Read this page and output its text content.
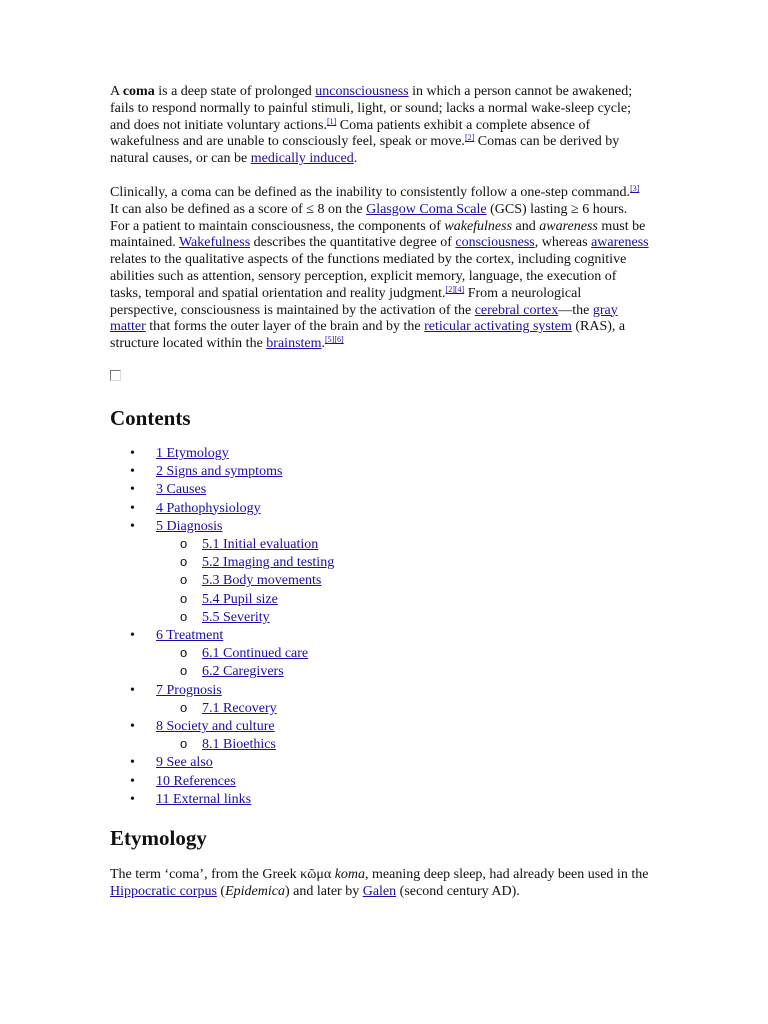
A coma is a deep state of prolonged unconsciousness in which a person cannot be awakened; fails to respond normally to painful stimuli, light, or sound; lacks a normal wake-sleep cycle; and does not initiate voluntary actions.[1] Coma patients exhibit a complete absence of wakefulness and are unable to consciously feel, speak or move.[2] Comas can be derived by natural causes, or can be medically induced.

Clinically, a coma can be defined as the inability to consistently follow a one-step command.[3] It can also be defined as a score of ≤ 8 on the Glasgow Coma Scale (GCS) lasting ≥ 6 hours. For a patient to maintain consciousness, the components of wakefulness and awareness must be maintained. Wakefulness describes the quantitative degree of consciousness, whereas awareness relates to the qualitative aspects of the functions mediated by the cortex, including cognitive abilities such as attention, sensory perception, explicit memory, language, the execution of tasks, temporal and spatial orientation and reality judgment.[2][4] From a neurological perspective, consciousness is maintained by the activation of the cerebral cortex—the gray matter that forms the outer layer of the brain and by the reticular activating system (RAS), a structure located within the brainstem.[5][6]

Contents
• 1 Etymology
• 2 Signs and symptoms
• 3 Causes
• 4 Pathophysiology
• 5 Diagnosis
o 5.1 Initial evaluation
o 5.2 Imaging and testing
o 5.3 Body movements
o 5.4 Pupil size
o 5.5 Severity
• 6 Treatment
o 6.1 Continued care
o 6.2 Caregivers
• 7 Prognosis
o 7.1 Recovery
• 8 Society and culture
o 8.1 Bioethics
• 9 See also
• 10 References
• 11 External links
Etymology

The term ‘coma’, from the Greek κῶμα koma, meaning deep sleep, had already been used in the Hippocratic corpus (Epidemica) and later by Galen (second century AD).
